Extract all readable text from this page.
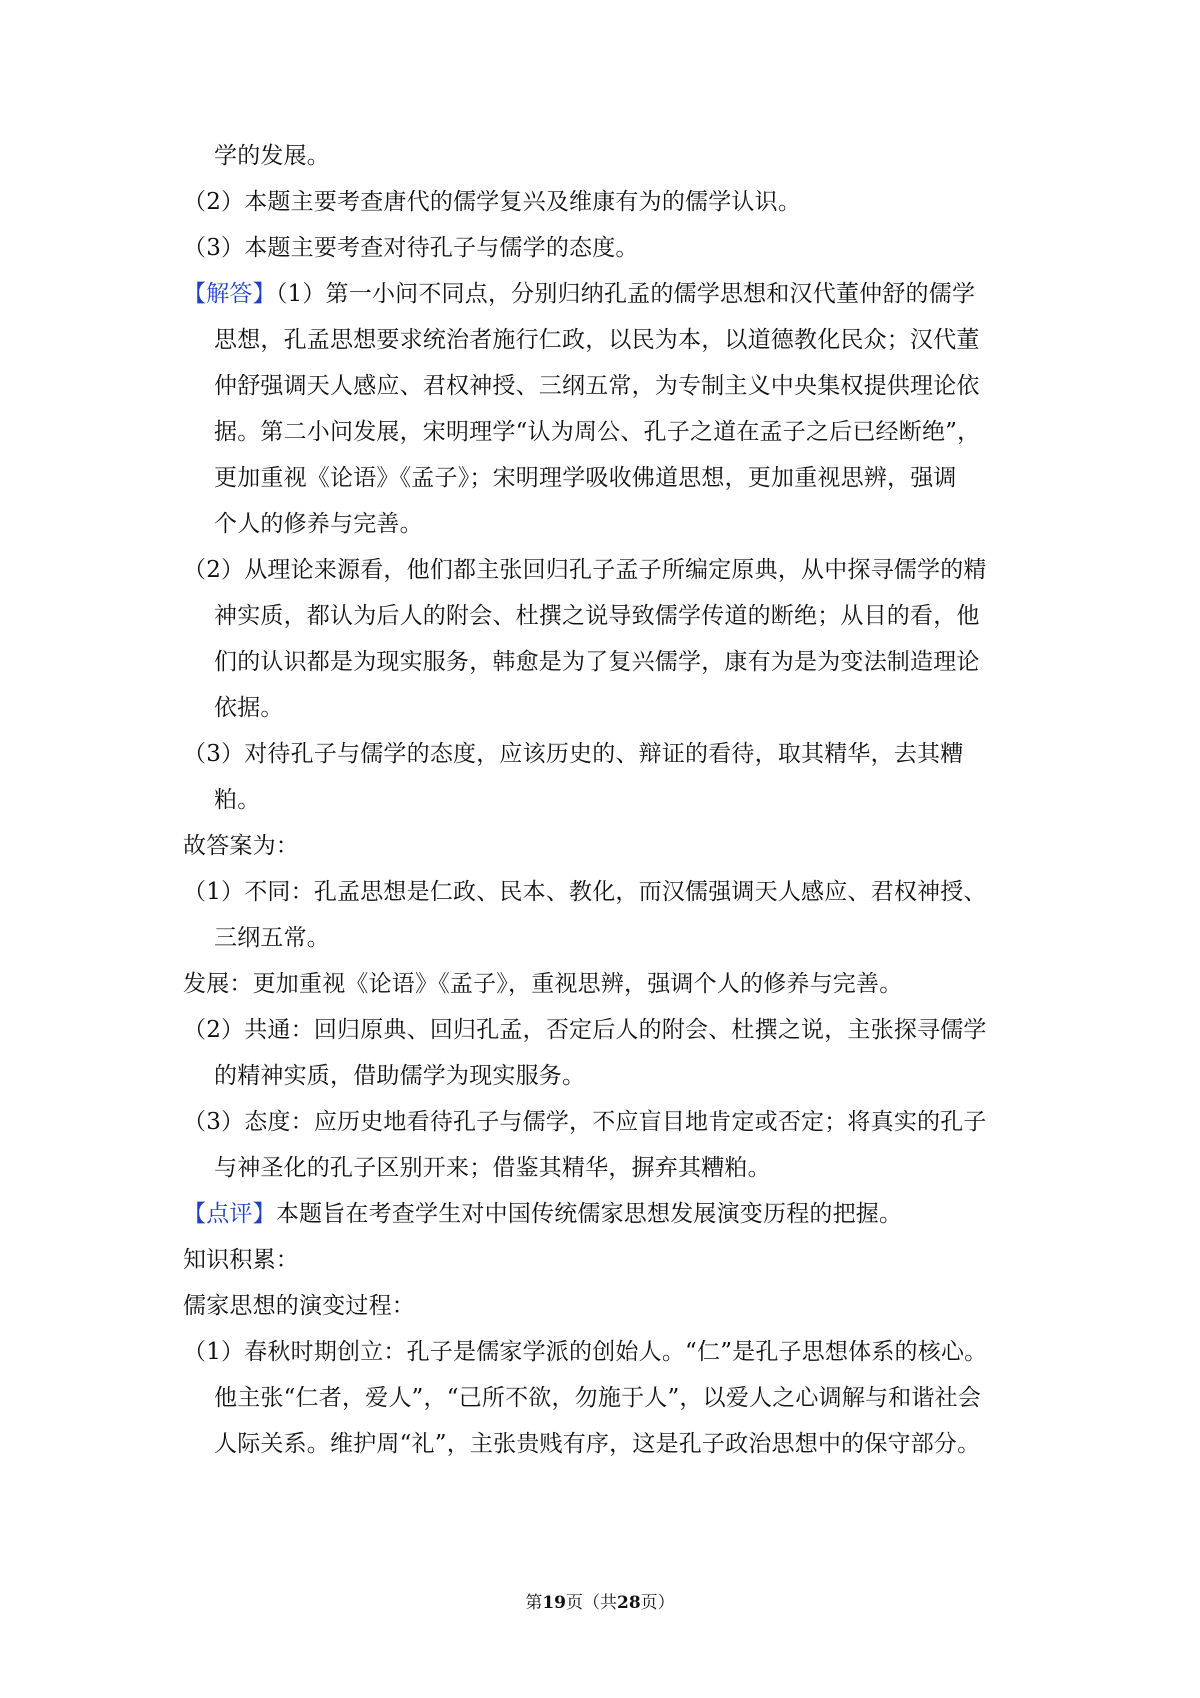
学的发展。
（2）本题主要考查唐代的儒学复兴及维康有为的儒学认识。
（3）本题主要考查对待孔子与儒学的态度。
【解答】（1）第一小问不同点，分别归纳孔孟的儒学思想和汉代董仲舒的儒学
思想，孔孟思想要求统治者施行仁政，以民为本，以道德教化民众；汉代董
仲舒强调天人感应、君权神授、三纲五常，为专制主义中央集权提供理论依
据。第二小问发展，宋明理学“认为周公、孔子之道在孟子之后已经断绝”，
更加重视《论语》《孟子》；宋明理学吸收佛道思想，更加重视思辨，强调
个人的修养与完善。
（2）从理论来源看，他们都主张回归孔子孟子所编定原典，从中探寻儒学的精
神实质，都认为后人的附会、杜撰之说导致儒学传道的断绝；从目的看，他
们的认识都是为现实服务，韩愈是为了复兴儒学，康有为是为变法制造理论
依据。
（3）对待孔子与儒学的态度，应该历史的、辩证的看待，取其精华，去其糟
粕。
故答案为：
（1）不同：孔孟思想是仁政、民本、教化，而汉儒强调天人感应、君权神授、
三纲五常。
发展：更加重视《论语》《孟子》，重视思辨，强调个人的修养与完善。
（2）共通：回归原典、回归孔孟，否定后人的附会、杜撰之说，主张探寻儒学
的精神实质，借助儒学为现实服务。
（3）态度：应历史地看待孔子与儒学，不应盲目地肯定或否定；将真实的孔子
与神圣化的孔子区别开来；借鉴其精华，摒弃其糟粕。
【点评】本题旨在考查学生对中国传统儒家思想发展演变历程的把握。
知识积累：
儒家思想的演变过程：
（1）春秋时期创立：孔子是儒家学派的创始人。“仁”是孔子思想体系的核心。
他主张“仁者，爱人”，“己所不欲，勿施于人”，以爱人之心调解与和谐社会
人际关系。维护周“礼”，主张贵贱有序，这是孔子政治思想中的保守部分。
第19页（共28页）
